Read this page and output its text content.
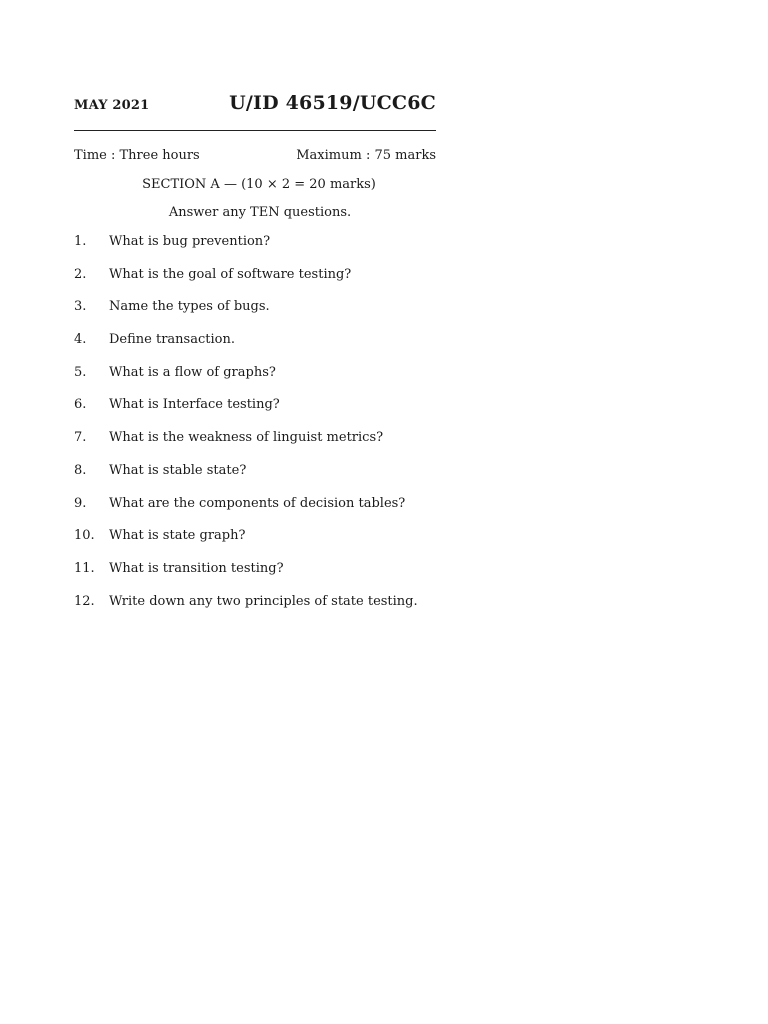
MAY 2021	U/ID 46519/UCC6C
Time : Three hours	Maximum : 75 marks
SECTION A — (10 × 2 = 20 marks)
Answer any TEN questions.
1.	What is bug prevention?
2.	What is the goal of software testing?
3.	Name the types of bugs.
4.	Define transaction.
5.	What is a flow of graphs?
6.	What is Interface testing?
7.	What is the weakness of linguist metrics?
8.	What is stable state?
9.	What are the components of decision tables?
10.	What is state graph?
11.	What is transition testing?
12.	Write down any two principles of state testing.
